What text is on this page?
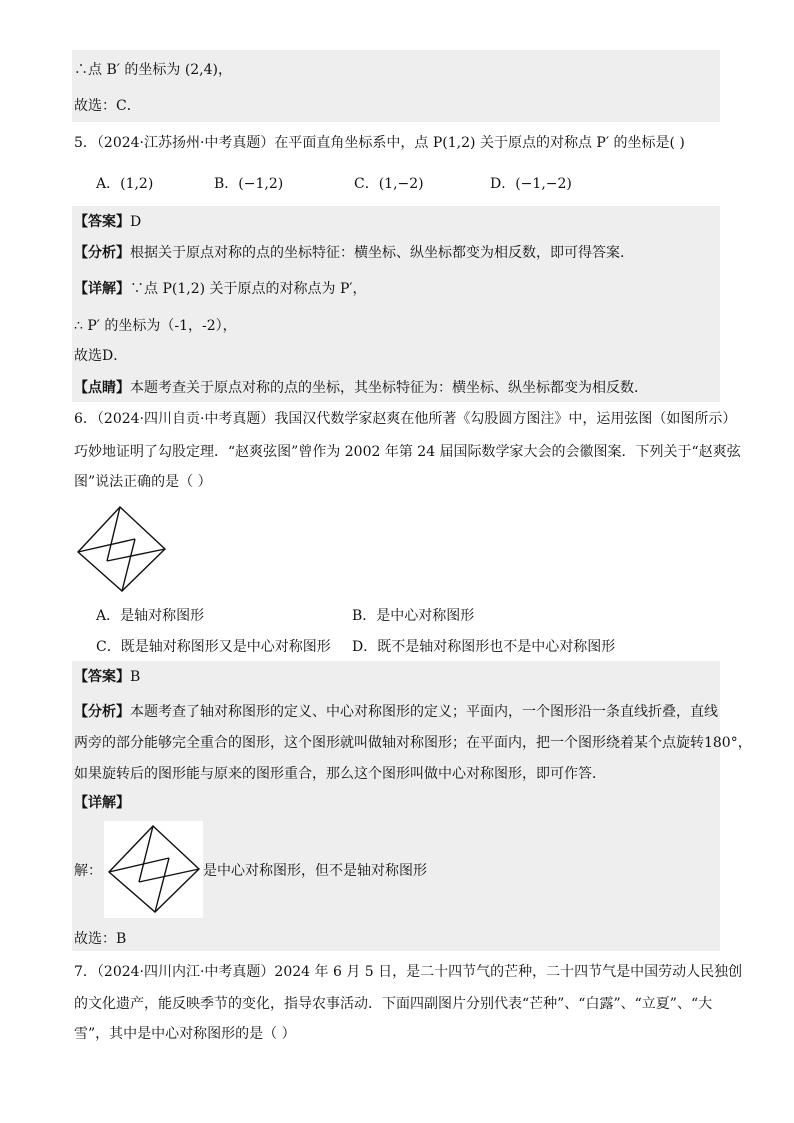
∴点 B′ 的坐标为 (2,4)，
故选：C．
5．（2024·江苏扬州·中考真题）在平面直角坐标系中，点 P(1,2) 关于原点的对称点 P′ 的坐标是( )
A．(1,2)	B．(−1,2)	C．(1,−2)	D．(−1,−2)
【答案】D
【分析】根据关于原点对称的点的坐标特征：横坐标、纵坐标都变为相反数，即可得答案.
【详解】∵点 P(1,2) 关于原点的对称点为 P′，
∴ P′ 的坐标为（-1，-2），
故选D．
【点睛】本题考查关于原点对称的点的坐标，其坐标特征为：横坐标、纵坐标都变为相反数．
6．（2024·四川自贡·中考真题）我国汉代数学家赵爽在他所著《勾股圆方图注》中，运用弦图（如图所示）
巧妙地证明了勾股定理．“赵爽弦图”曾作为 2002 年第 24 届国际数学家大会的会徽图案．下列关于“赵爽弦
图”说法正确的是（ ）
A．是轴对称图形	B．是中心对称图形
C．既是轴对称图形又是中心对称图形 D．既不是轴对称图形也不是中心对称图形
【答案】B
【分析】本题考查了轴对称图形的定义、中心对称图形的定义；平面内，一个图形沿一条直线折叠，直线
两旁的部分能够完全重合的图形，这个图形就叫做轴对称图形；在平面内，把一个图形绕着某个点旋转180°，
如果旋转后的图形能与原来的图形重合，那么这个图形叫做中心对称图形，即可作答．
【详解】
解：	是中心对称图形，但不是轴对称图形
故选：B
7．（2024·四川内江·中考真题）2024 年 6 月 5 日，是二十四节气的芒种，二十四节气是中国劳动人民独创
的文化遗产，能反映季节的变化，指导农事活动．下面四副图片分别代表“芒种”、“白露”、“立夏”、“大
雪”，其中是中心对称图形的是（ ）
